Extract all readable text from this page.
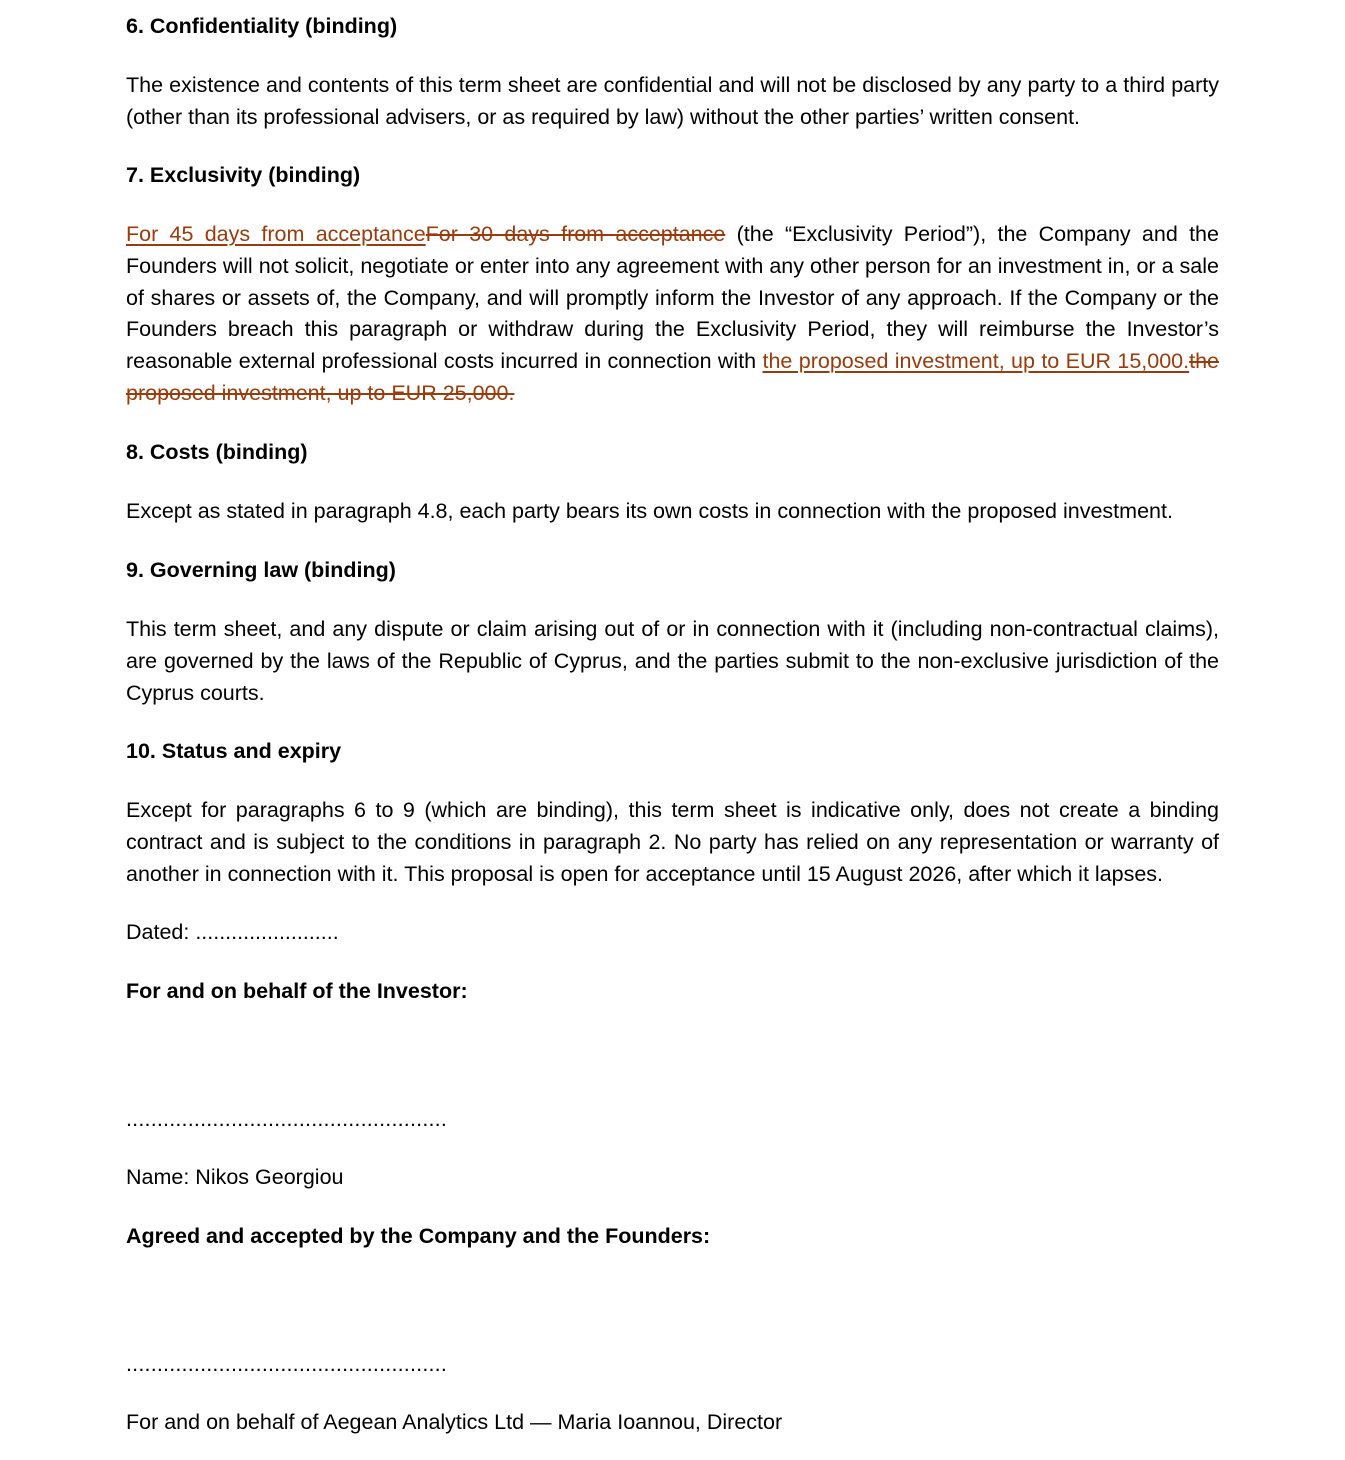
6. Confidentiality (binding)

The existence and contents of this term sheet are confidential and will not be disclosed by any party to a third party (other than its professional advisers, or as required by law) without the other parties’ written consent.

7. Exclusivity (binding)

For 45 days from acceptanceFor 30 days from acceptance (the “Exclusivity Period”), the Company and the Founders will not solicit, negotiate or enter into any agreement with any other person for an investment in, or a sale of shares or assets of, the Company, and will promptly inform the Investor of any approach. If the Company or the Founders breach this paragraph or withdraw during the Exclusivity Period, they will reimburse the Investor’s reasonable external professional costs incurred in connection with the proposed investment, up to EUR 15,000.the proposed investment, up to EUR 25,000.

8. Costs (binding)

Except as stated in paragraph 4.8, each party bears its own costs in connection with the proposed investment.

9. Governing law (binding)

This term sheet, and any dispute or claim arising out of or in connection with it (including non-contractual claims), are governed by the laws of the Republic of Cyprus, and the parties submit to the non-exclusive jurisdiction of the Cyprus courts.

10. Status and expiry

Except for paragraphs 6 to 9 (which are binding), this term sheet is indicative only, does not create a binding contract and is subject to the conditions in paragraph 2. No party has relied on any representation or warranty of another in connection with it. This proposal is open for acceptance until 15 August 2026, after which it lapses.

Dated: ........................

For and on behalf of the Investor:

....................................................

Name: Nikos Georgiou

Agreed and accepted by the Company and the Founders:

....................................................

For and on behalf of Aegean Analytics Ltd — Maria Ioannou, Director
